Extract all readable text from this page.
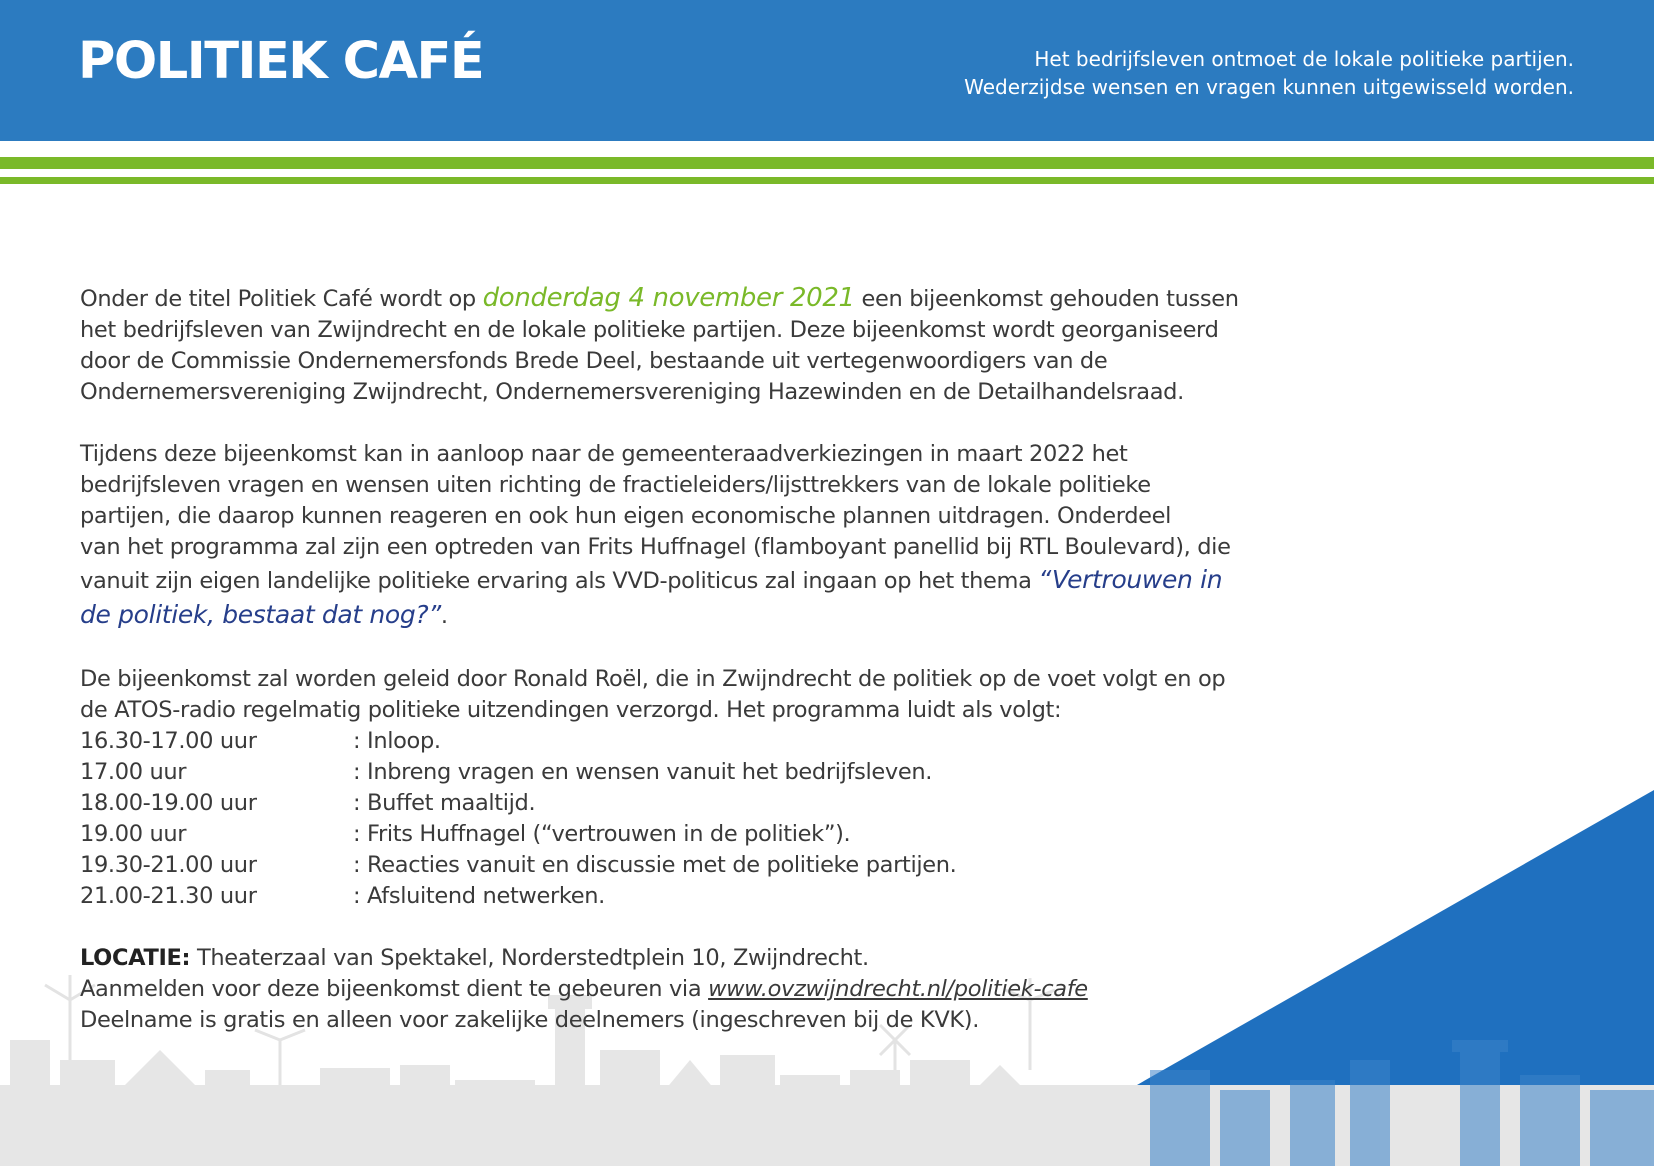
POLITIEK CAFÉ	Het bedrijfsleven ontmoet de lokale politieke partijen.
Wederzijdse wensen en vragen kunnen uitgewisseld worden.

Onder de titel Politiek Café wordt op donderdag 4 november 2021 een bijeenkomst gehouden tussen

het bedrijfsleven van Zwijndrecht en de lokale politieke partijen. Deze bijeenkomst wordt georganiseerd

door de Commissie Ondernemersfonds Brede Deel, bestaande uit vertegenwoordigers van de

Ondernemersvereniging Zwijndrecht, Ondernemersvereniging Hazewinden en de Detailhandelsraad.

Tijdens deze bijeenkomst kan in aanloop naar de gemeenteraadverkiezingen in maart 2022 het

bedrijfsleven vragen en wensen uiten richting de fractieleiders/lijsttrekkers van de lokale politieke

partijen, die daarop kunnen reageren en ook hun eigen economische plannen uitdragen. Onderdeel

van het programma zal zijn een optreden van Frits Huffnagel (flamboyant panellid bij RTL Boulevard), die

vanuit zijn eigen landelijke politieke ervaring als VVD-politicus zal ingaan op het thema “Vertrouwen in

de politiek, bestaat dat nog?”.

De bijeenkomst zal worden geleid door Ronald Roël, die in Zwijndrecht de politiek op de voet volgt en op

de ATOS-radio regelmatig politieke uitzendingen verzorgd. Het programma luidt als volgt:

16.30-17.00 uur	: Inloop.
17.00 uur	: Inbreng vragen en wensen vanuit het bedrijfsleven.
18.00-19.00 uur	: Buffet maaltijd.
19.00 uur	: Frits Huffnagel (“vertrouwen in de politiek”).
19.30-21.00 uur	: Reacties vanuit en discussie met de politieke partijen.
21.00-21.30 uur	: Afsluitend netwerken.

LOCATIE: Theaterzaal van Spektakel, Norderstedtplein 10, Zwijndrecht.

Aanmelden voor deze bijeenkomst dient te gebeuren via www.ovzwijndrecht.nl/politiek-cafe

Deelname is gratis en alleen voor zakelijke deelnemers (ingeschreven bij de KVK).
